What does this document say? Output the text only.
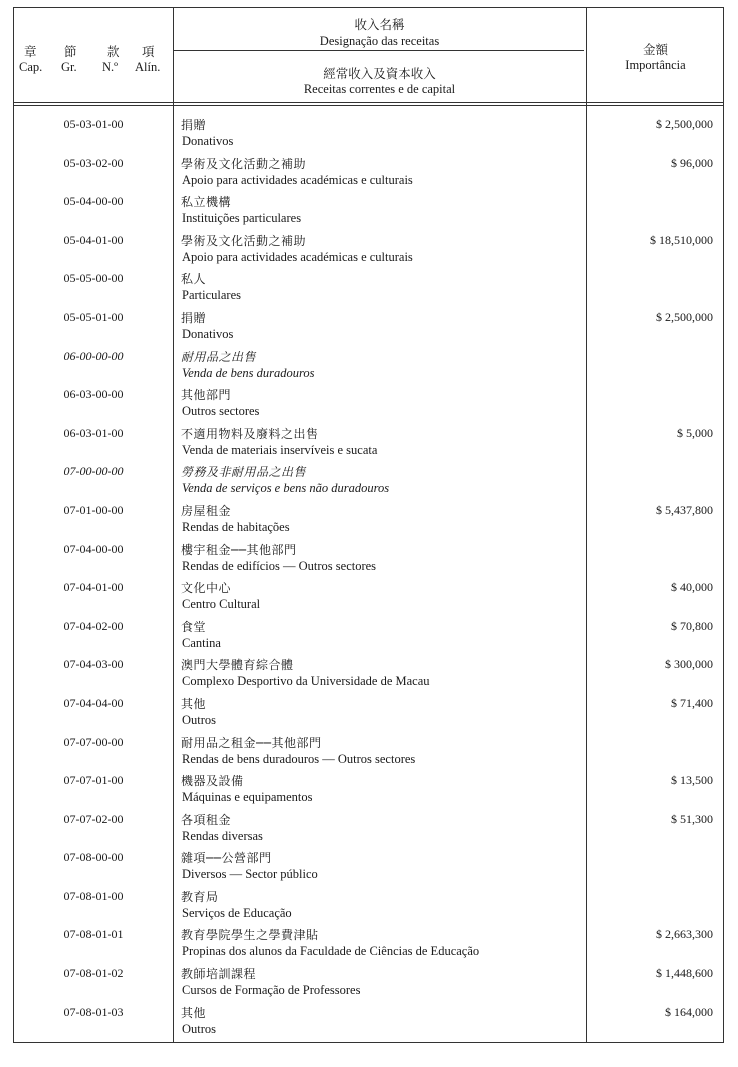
章 節 款 項
Cap. Gr. N.º Alín.
收入名稱
Designação das receitas
經常收入及資本收入
Receitas correntes e de capital
金額
Importância
05-03-01-00	捐贈
Donativos
$ 2,500,000
05-03-02-00	學術及文化活動之補助
Apoio para actividades académicas e culturais
$ 96,000
05-04-00-00	私立機構
Instituições particulares
05-04-01-00	學術及文化活動之補助
Apoio para actividades académicas e culturais
$ 18,510,000
05-05-00-00	私人
Particulares
05-05-01-00	捐贈
Donativos
$ 2,500,000
06-00-00-00	耐用品之出售
Venda de bens duradouros
06-03-00-00	其他部門
Outros sectores
06-03-01-00	不適用物料及廢料之出售
Venda de materiais inservíveis e sucata
$ 5,000
07-00-00-00	勞務及非耐用品之出售
Venda de serviços e bens não duradouros
07-01-00-00	房屋租金
Rendas de habitações
$ 5,437,800
07-04-00-00	樓宇租金──其他部門
Rendas de edifícios — Outros sectores
07-04-01-00	文化中心
Centro Cultural
$ 40,000
07-04-02-00	食堂
Cantina
$ 70,800
07-04-03-00	澳門大學體育綜合體
Complexo Desportivo da Universidade de Macau
$ 300,000
07-04-04-00	其他
Outros
$ 71,400
07-07-00-00	耐用品之租金──其他部門
Rendas de bens duradouros — Outros sectores
07-07-01-00	機器及設備
Máquinas e equipamentos
$ 13,500
07-07-02-00	各項租金
Rendas diversas
$ 51,300
07-08-00-00	雜項──公營部門
Diversos — Sector público
07-08-01-00	教育局
Serviços de Educação
07-08-01-01	教育學院學生之學費津貼
Propinas dos alunos da Faculdade de Ciências de Educação
$ 2,663,300
07-08-01-02	教師培訓課程
Cursos de Formação de Professores
$ 1,448,600
07-08-01-03	其他
Outros
$ 164,000
